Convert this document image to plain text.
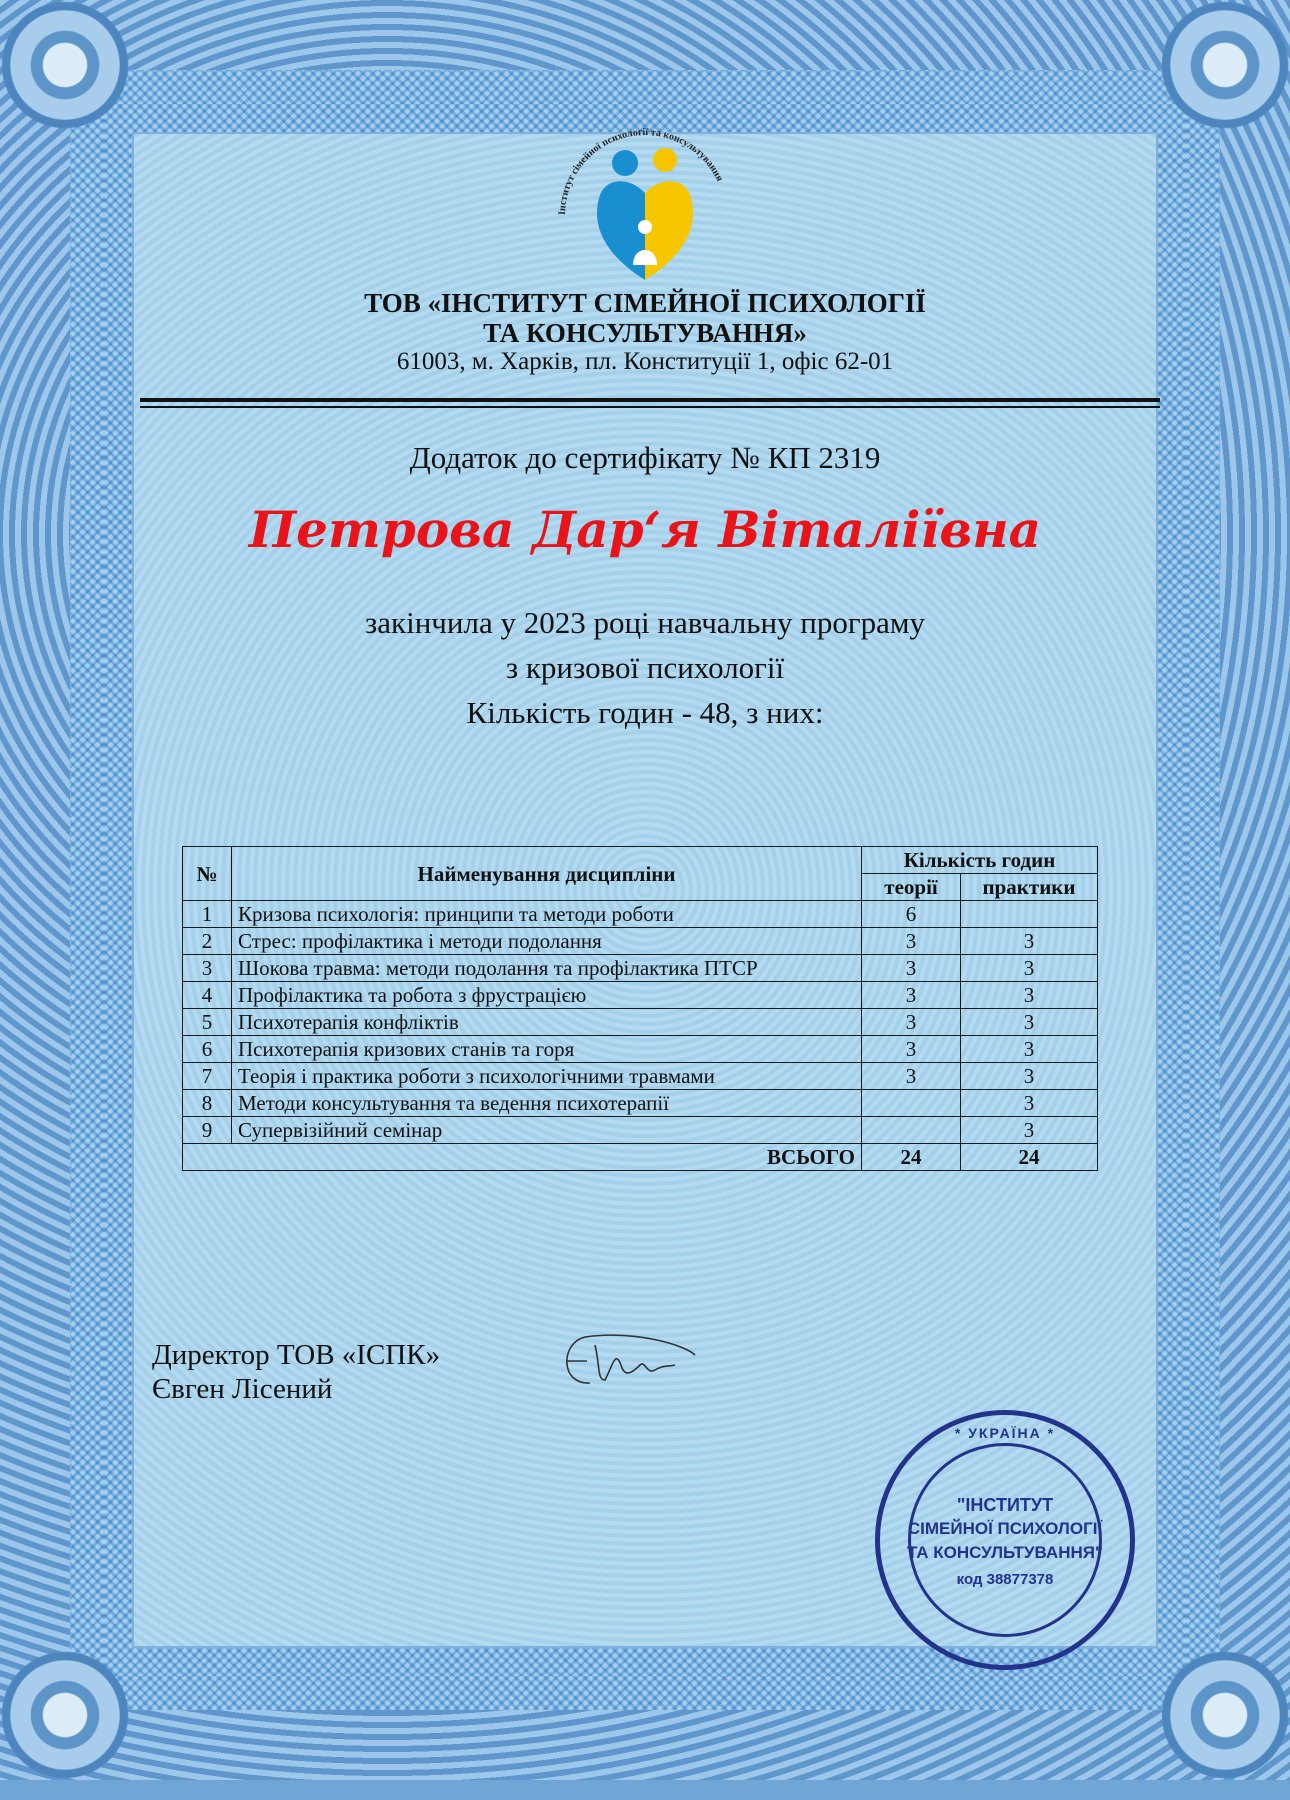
Інститут сімейної психології та консультування
ТОВ «ІНСТИТУТ СІМЕЙНОЇ ПСИХОЛОГІЇ
ТА КОНСУЛЬТУВАННЯ»
61003, м. Харків, пл. Конституції 1, офіс 62-01
Додаток до сертифікату № КП 2319
Петрова Дар‘я Віталіївна
закінчила у 2023 році навчальну програму
з кризової психології
Кількість годин - 48, з них:
№	Найменування дисципліни	Кількість годин	
		теорії	практики
1	Кризова психологія: принципи та методи роботи	6	
2	Стрес: профілактика і методи подолання	3	3
3	Шокова травма: методи подолання та профілактика ПТСР	3	3
4	Профілактика та робота з фрустрацією	3	3
5	Психотерапія конфліктів	3	3
6	Психотерапія кризових станів та горя	3	3
7	Теорія і практика роботи з психологічними травмами	3	3
8	Методи консультування та ведення психотерапії		3
9	Супервізійний семінар		3
ВСЬОГО		24	24
Директор ТОВ «ІСПК»
Євген Лісений
* УКРАЇНА *
"ІНСТИТУТ
СІМЕЙНОЇ ПСИХОЛОГІЇ
ТА КОНСУЛЬТУВАННЯ"
код 38877378
